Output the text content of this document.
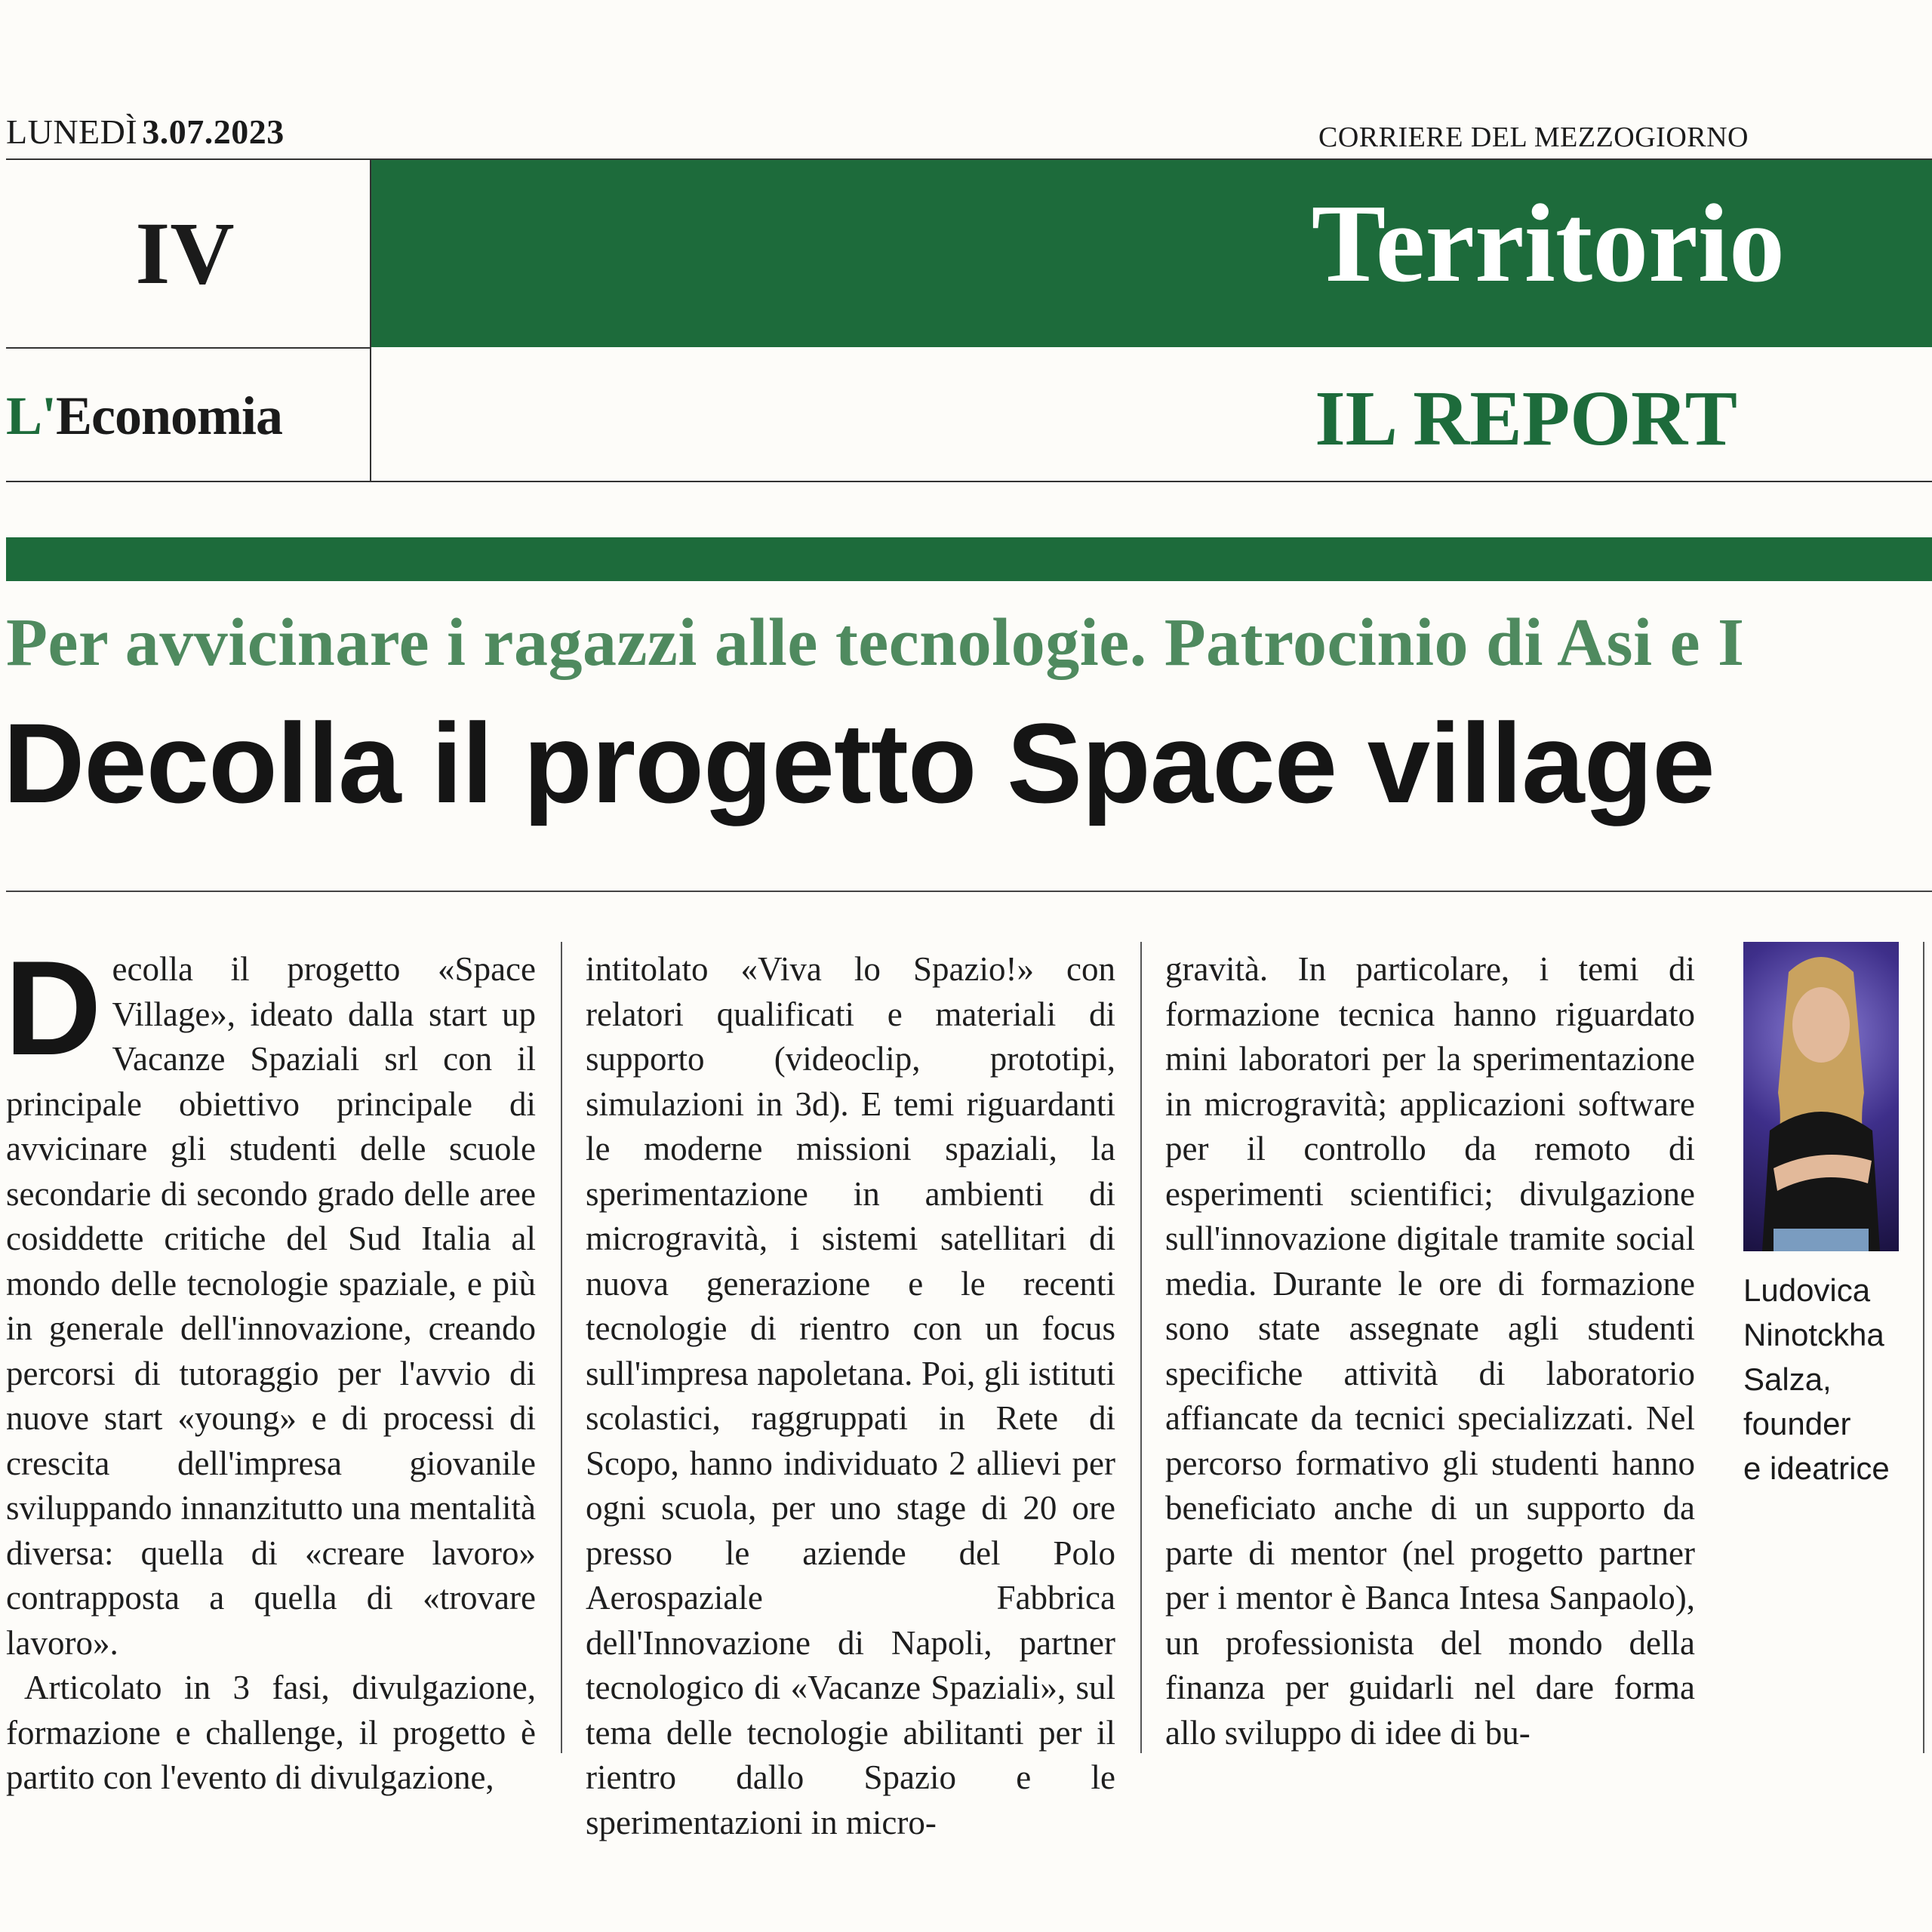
LUNEDÌ 3.07.2023	CORRIERE DEL MEZZOGIORNO
IV	Territorio
L'Economia	IL REPORT
Per avvicinare i ragazzi alle tecnologie. Patrocinio di Asi e I
Decolla il progetto Space village

Decolla il progetto «Space Village», ideato dalla start up Vacanze Spaziali srl con il principale obiettivo principale di avvicinare gli studenti delle scuole secondarie di secondo grado delle aree cosiddette critiche del Sud Italia al mondo delle tecnologie spaziale, e più in generale dell'innovazione, creando percorsi di tutoraggio per l'avvio di nuove start «young» e di processi di crescita dell'impresa giovanile sviluppando innanzitutto una mentalità diversa: quella di «creare lavoro» contrapposta a quella di «trovare lavoro».

Articolato in 3 fasi, divulgazione, formazione e challenge, il progetto è partito con l'evento di divulgazione,

intitolato «Viva lo Spazio!» con relatori qualificati e materiali di supporto (videoclip, prototipi, simulazioni in 3d). E temi riguardanti le moderne missioni spaziali, la sperimentazione in ambienti di microgravità, i sistemi satellitari di nuova generazione e le recenti tecnologie di rientro con un focus sull'impresa napoletana. Poi, gli istituti scolastici, raggruppati in Rete di Scopo, hanno individuato 2 allievi per ogni scuola, per uno stage di 20 ore presso le aziende del Polo Aerospaziale Fabbrica dell'Innovazione di Napoli, partner tecnologico di «Vacanze Spaziali», sul tema delle tecnologie abilitanti per il rientro dallo Spazio e le sperimentazioni in micro-

gravità. In particolare, i temi di formazione tecnica hanno riguardato mini laboratori per la sperimentazione in microgravità; applicazioni software per il controllo da remoto di esperimenti scientifici; divulgazione sull'innovazione digitale tramite social media. Durante le ore di formazione sono state assegnate agli studenti specifiche attività di laboratorio affiancate da tecnici specializzati. Nel percorso formativo gli studenti hanno beneficiato anche di un supporto da parte di mentor (nel progetto partner per i mentor è Banca Intesa Sanpaolo), un professionista del mondo della finanza per guidarli nel dare forma allo sviluppo di idee di bu-

Ludovica
Ninotckha
Salza,
founder
e ideatrice
